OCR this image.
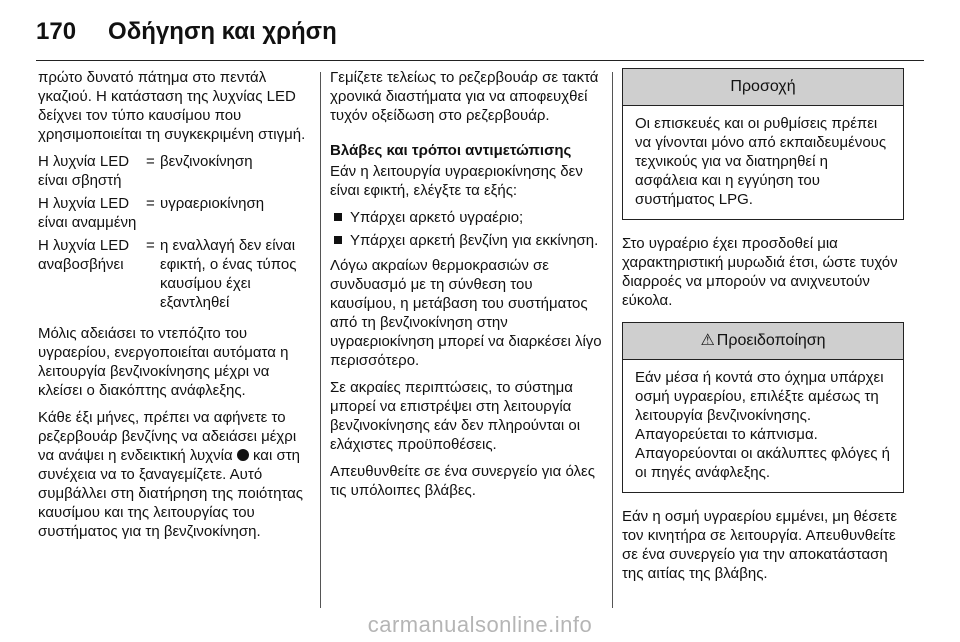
170 Οδήγηση και χρήση

πρώτο δυνατό πάτημα στο πεντάλ γκαζιού. Η κατάσταση της λυχνίας LED δείχνει τον τύπο καυσίμου που χρησιμοποιείται τη συγκεκριμένη στιγμή.

Η λυχνία LED είναι σβηστή
= βενζινοκίνηση
Η λυχνία LED είναι αναμμένη
= υγραεριοκίνηση
Η λυχνία LED αναβοσβήνει
= η εναλλαγή δεν είναι εφικτή, ο ένας τύπος καυσίμου έχει εξαντληθεί

Μόλις αδειάσει το ντεπόζιτο του υγραερίου, ενεργοποιείται αυτόματα η λειτουργία βενζινοκίνησης μέχρι να κλείσει ο διακόπτης ανάφλεξης.

Κάθε έξι μήνες, πρέπει να αφήνετε το ρεζερβουάρ βενζίνης να αδειάσει μέχρι να ανάψει η ενδεικτική λυχνία και στη συνέχεια να το ξαναγεμίζετε. Αυτό συμβάλλει στη διατήρηση της ποιότητας καυσίμου και της λειτουργίας του συστήματος για τη βενζινοκίνηση.

Γεμίζετε τελείως το ρεζερβουάρ σε τακτά χρονικά διαστήματα για να αποφευχθεί τυχόν οξείδωση στο ρεζερβουάρ.

Βλάβες και τρόποι αντιμετώπισης

Εάν η λειτουργία υγραεριοκίνησης δεν είναι εφικτή, ελέγξτε τα εξής:

Υπάρχει αρκετό υγραέριο;
Υπάρχει αρκετή βενζίνη για εκκίνηση.

Λόγω ακραίων θερμοκρασιών σε συνδυασμό με τη σύνθεση του καυσίμου, η μετάβαση του συστήματος από τη βενζινοκίνηση στην υγραεριοκίνηση μπορεί να διαρκέσει λίγο περισσότερο.

Σε ακραίες περιπτώσεις, το σύστημα μπορεί να επιστρέψει στη λειτουργία βενζινοκίνησης εάν δεν πληρούνται οι ελάχιστες προϋποθέσεις.

Απευθυνθείτε σε ένα συνεργείο για όλες τις υπόλοιπες βλάβες.

Προσοχή
Οι επισκευές και οι ρυθμίσεις πρέπει να γίνονται μόνο από εκπαιδευμένους τεχνικούς για να διατηρηθεί η ασφάλεια και η εγγύηση του συστήματος LPG.

Στο υγραέριο έχει προσδοθεί μια χαρακτηριστική μυρωδιά έτσι, ώστε τυχόν διαρροές να μπορούν να ανιχνευτούν εύκολα.

⚠ Προειδοποίηση
Εάν μέσα ή κοντά στο όχημα υπάρχει οσμή υγραερίου, επιλέξτε αμέσως τη λειτουργία βενζινοκίνησης. Απαγορεύεται το κάπνισμα. Απαγορεύονται οι ακάλυπτες φλόγες ή οι πηγές ανάφλεξης.

Εάν η οσμή υγραερίου εμμένει, μη θέσετε τον κινητήρα σε λειτουργία. Απευθυνθείτε σε ένα συνεργείο για την αποκατάσταση της αιτίας της βλάβης.

carmanualsonline.info
